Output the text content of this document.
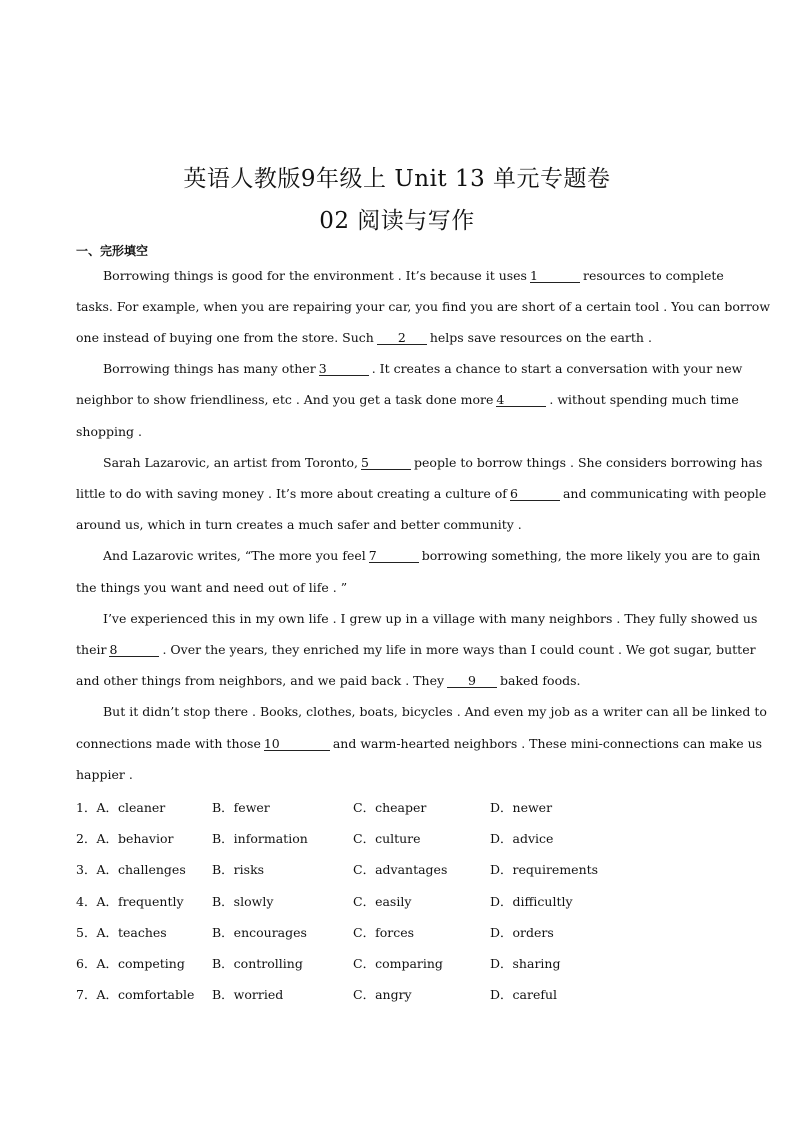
英语人教版9年级上 Unit 13 单元专题卷
02 阅读与写作
一、完形填空
Borrowing things is good for the environment . It’s because it uses 1	resources to complete
tasks. For example, when you are repairing your car, you find you are short of a certain tool . You can borrow
one instead of buying one from the store. Such 2 helps save resources on the earth .
Borrowing things has many other 3	. It creates a chance to start a conversation with your new
neighbor to show friendliness, etc . And you get a task done more 4	. without spending much time
shopping .
Sarah Lazarovic, an artist from Toronto, 5	people to borrow things . She considers borrowing has
little to do with saving money . It’s more about creating a culture of 6	and communicating with people
around us, which in turn creates a much safer and better community .
And Lazarovic writes, “The more you feel 7	borrowing something, the more likely you are to gain
the things you want and need out of life . ”
I’ve experienced this in my own life . I grew up in a village with many neighbors . They fully showed us
their 8	. Over the years, they enriched my life in more ways than I could count . We got sugar, butter
and other things from neighbors, and we paid back . They 9 baked foods.
But it didn’t stop there . Books, clothes, boats, bicycles . And even my job as a writer can all be linked to
connections made with those 10	and warm-hearted neighbors . These mini-connections can make us
happier .
1．A．cleaner	B．fewer	C．cheaper	D．newer
2．A．behavior	B．information	C．culture	D．advice
3．A．challenges B．risks	C．advantages	D．requirements
4．A．frequently B．slowly	C．easily	D．difficultly
5．A．teaches	B．encourages	C．forces	D．orders
6．A．competing B．controlling	C．comparing	D．sharing
7．A．comfortable B．worried	C．angry	D．careful
